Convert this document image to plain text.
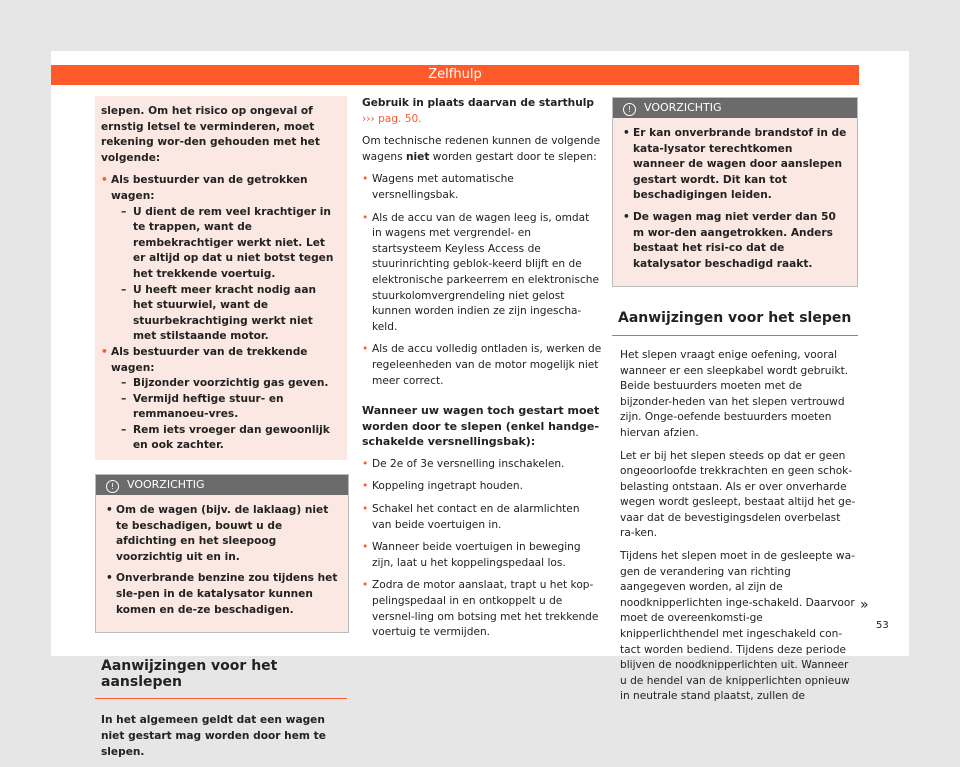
Zelfhulp

slepen. Om het risico op ongeval of ernstig letsel te verminderen, moet rekening wor-den gehouden met het volgende:

• Als bestuurder van de getrokken wagen:
– U dient de rem veel krachtiger in te trappen, want de rembekrachtiger werkt niet. Let er altijd op dat u niet botst tegen het trekkende voertuig.
– U heeft meer kracht nodig aan het stuurwiel, want de stuurbekrachtiging werkt niet met stilstaande motor.
• Als bestuurder van de trekkende wagen:
– Bijzonder voorzichtig gas geven.
– Vermijd heftige stuur- en remmanoeu-vres.
– Rem iets vroeger dan gewoonlijk en ook zachter.
! VOORZICHTIG
• Om de wagen (bijv. de laklaag) niet te beschadigen, bouwt u de afdichting en het sleepoog voorzichtig uit en in.
• Onverbrande benzine zou tijdens het sle-pen in de katalysator kunnen komen en de-ze beschadigen.
Aanwijzingen voor het aanslepen

In het algemeen geldt dat een wagen niet gestart mag worden door hem te slepen.

Gebruik in plaats daarvan de starthulp

››› pag. 50.

Om technische redenen kunnen de volgende wagens niet worden gestart door te slepen:

• Wagens met automatische versnellingsbak.
• Als de accu van de wagen leeg is, omdat in wagens met vergrendel- en startsysteem Keyless Access de stuurinrichting geblok-keerd blijft en de elektronische parkeerrem en elektronische stuurkolomvergrendeling niet gelost kunnen worden indien ze zijn ingescha-keld.
• Als de accu volledig ontladen is, werken de regeleenheden van de motor mogelijk niet meer correct.

Wanneer uw wagen toch gestart moet worden door te slepen (enkel handge-schakelde versnellingsbak):

• De 2e of 3e versnelling inschakelen.
• Koppeling ingetrapt houden.
• Schakel het contact en de alarmlichten van beide voertuigen in.
• Wanneer beide voertuigen in beweging zijn, laat u het koppelingspedaal los.
• Zodra de motor aanslaat, trapt u het kop-pelingspedaal in en ontkoppelt u de versnel-ling om botsing met het trekkende voertuig te vermijden.
! VOORZICHTIG
• Er kan onverbrande brandstof in de kata-lysator terechtkomen wanneer de wagen door aanslepen gestart wordt. Dit kan tot beschadigingen leiden.
• De wagen mag niet verder dan 50 m wor-den aangetrokken. Anders bestaat het risi-co dat de katalysator beschadigd raakt.
Aanwijzingen voor het slepen

Het slepen vraagt enige oefening, vooral wanneer er een sleepkabel wordt gebruikt. Beide bestuurders moeten met de bijzonder-heden van het slepen vertrouwd zijn. Onge-oefende bestuurders moeten hiervan afzien.

Let er bij het slepen steeds op dat er geen ongeoorloofde trekkrachten en geen schok-belasting ontstaan. Als er over onverharde wegen wordt gesleept, bestaat altijd het ge-vaar dat de bevestigingsdelen overbelast ra-ken.

Tijdens het slepen moet in de gesleepte wa-gen de verandering van richting aangegeven worden, al zijn de noodknipperlichten inge-schakeld. Daarvoor moet de overeenkomsti-ge knipperlichthendel met ingeschakeld con-tact worden bediend. Tijdens deze periode blijven de noodknipperlichten uit. Wanneer u de hendel van de knipperlichten opnieuw in neutrale stand plaatst, zullen de

»
53
